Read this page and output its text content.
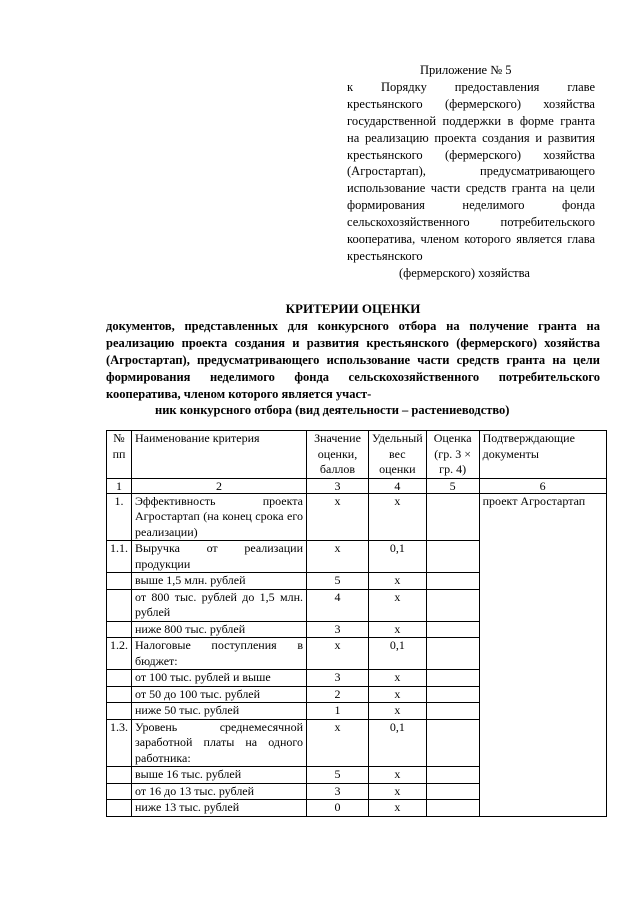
Приложение № 5
к Порядку предоставления главе крестьянского (фермерского) хозяйства государственной поддержки в форме гранта на реализацию проекта создания и развития крестьянского (фермерского) хозяйства (Агростартап), предусматривающего использование части средств гранта на цели формирования неделимого фонда сельскохозяйственного потребительского кооператива, членом которого является глава крестьянского
(фермерского) хозяйства
КРИТЕРИИ ОЦЕНКИ
документов, представленных для конкурсного отбора на получение гранта на реализацию проекта создания и развития крестьянского (фермерского) хозяйства (Агростартап), предусматривающего использование части средств гранта на цели формирования неделимого фонда сельскохозяйственного потребительского кооператива, членом которого является участ-
ник конкурсного отбора (вид деятельности – растениеводство)
№ пп	Наименование критерия	Значение оценки, баллов	Удельный вес оценки	Оценка (гр. 3 × гр. 4)	Подтверждающие документы
1	2	3	4	5	6
1.	Эффективность проекта Агростартап (на конец срока его реализации)	х	х		проект Агростартап
1.1.	Выручка от реализации продукции	х	0,1		
	выше 1,5 млн. рублей	5	х		
	от 800 тыс. рублей до 1,5 млн. рублей	4	х		
	ниже 800 тыс. рублей	3	х		
1.2.	Налоговые поступления в бюджет:	х	0,1		
	от 100 тыс. рублей и выше	3	х		
	от 50 до 100 тыс. рублей	2	х		
	ниже 50 тыс. рублей	1	х		
1.3.	Уровень среднемесячной заработной платы на одного работника:	х	0,1		
	выше 16 тыс. рублей	5	х		
	от 16 до 13 тыс. рублей	3	х		
	ниже 13 тыс. рублей	0	х		
